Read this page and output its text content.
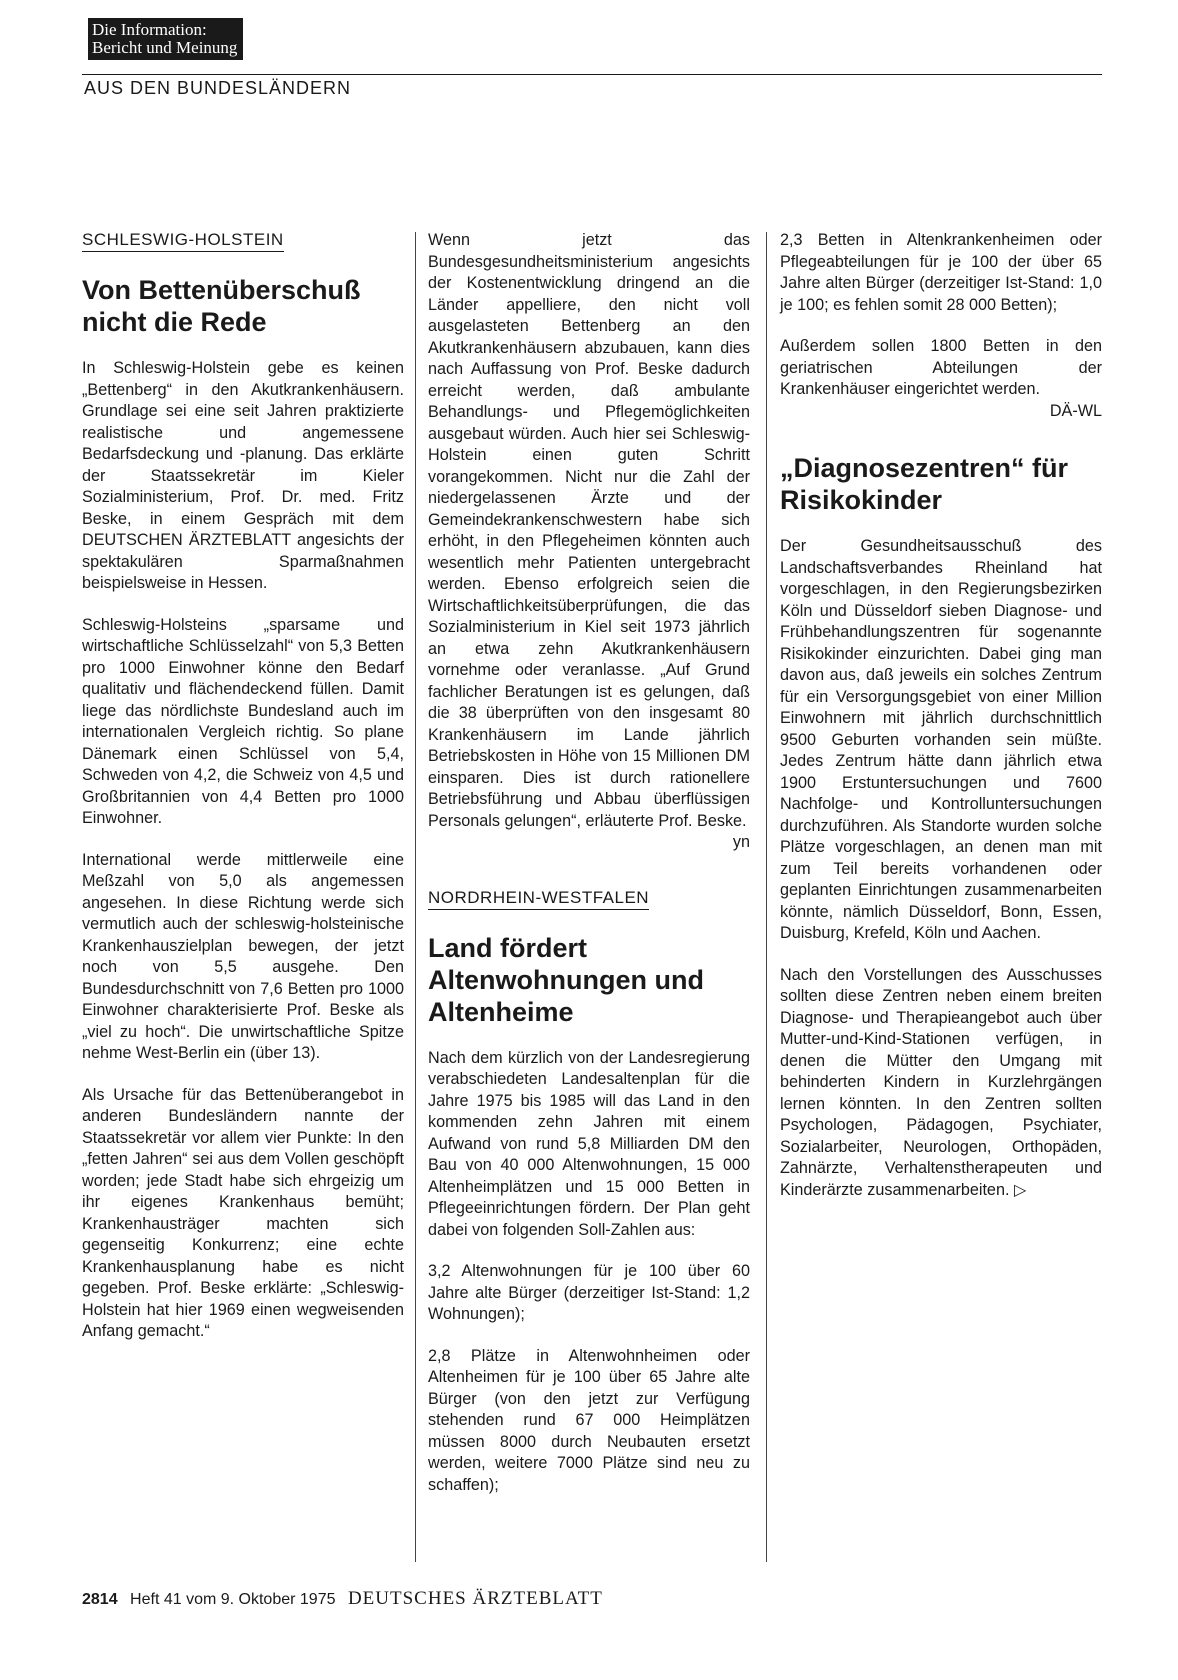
Die Information:
Bericht und Meinung
AUS DEN BUNDESLÄNDERN
SCHLESWIG-HOLSTEIN
Von Bettenüberschuß nicht die Rede

In Schleswig-Holstein gebe es keinen „Bettenberg“ in den Akutkrankenhäusern. Grundlage sei eine seit Jahren praktizierte realistische und angemessene Bedarfsdeckung und -planung. Das erklärte der Staatssekretär im Kieler Sozialministerium, Prof. Dr. med. Fritz Beske, in einem Gespräch mit dem DEUTSCHEN ÄRZTEBLATT angesichts der spektakulären Sparmaßnahmen beispielsweise in Hessen.

Schleswig-Holsteins „sparsame und wirtschaftliche Schlüsselzahl“ von 5,3 Betten pro 1000 Einwohner könne den Bedarf qualitativ und flächendeckend füllen. Damit liege das nördlichste Bundesland auch im internationalen Vergleich richtig. So plane Dänemark einen Schlüssel von 5,4, Schweden von 4,2, die Schweiz von 4,5 und Großbritannien von 4,4 Betten pro 1000 Einwohner.

International werde mittlerweile eine Meßzahl von 5,0 als angemessen angesehen. In diese Richtung werde sich vermutlich auch der schleswig-holsteinische Krankenhauszielplan bewegen, der jetzt noch von 5,5 ausgehe. Den Bundesdurchschnitt von 7,6 Betten pro 1000 Einwohner charakterisierte Prof. Beske als „viel zu hoch“. Die unwirtschaftliche Spitze nehme West-Berlin ein (über 13).

Als Ursache für das Bettenüberangebot in anderen Bundesländern nannte der Staatssekretär vor allem vier Punkte: In den „fetten Jahren“ sei aus dem Vollen geschöpft worden; jede Stadt habe sich ehrgeizig um ihr eigenes Krankenhaus bemüht; Krankenhausträger machten sich gegenseitig Konkurrenz; eine echte Krankenhausplanung habe es nicht gegeben. Prof. Beske erklärte: „Schleswig-Holstein hat hier 1969 einen wegweisenden Anfang gemacht.“

Wenn jetzt das Bundesgesundheitsministerium angesichts der Kostenentwicklung dringend an die Länder appelliere, den nicht voll ausgelasteten Bettenberg an den Akutkrankenhäusern abzubauen, kann dies nach Auffassung von Prof. Beske dadurch erreicht werden, daß ambulante Behandlungs- und Pflegemöglichkeiten ausgebaut würden. Auch hier sei Schleswig-Holstein einen guten Schritt vorangekommen. Nicht nur die Zahl der niedergelassenen Ärzte und der Gemeindekrankenschwestern habe sich erhöht, in den Pflegeheimen könnten auch wesentlich mehr Patienten untergebracht werden. Ebenso erfolgreich seien die Wirtschaftlichkeitsüberprüfungen, die das Sozialministerium in Kiel seit 1973 jährlich an etwa zehn Akutkrankenhäusern vornehme oder veranlasse. „Auf Grund fachlicher Beratungen ist es gelungen, daß die 38 überprüften von den insgesamt 80 Krankenhäusern im Lande jährlich Betriebskosten in Höhe von 15 Millionen DM einsparen. Dies ist durch rationellere Betriebsführung und Abbau überflüssigen Personals gelungen“, erläuterte Prof. Beske.

yn

NORDRHEIN-WESTFALEN
Land fördert Altenwohnungen und Altenheime

Nach dem kürzlich von der Landesregierung verabschiedeten Landesaltenplan für die Jahre 1975 bis 1985 will das Land in den kommenden zehn Jahren mit einem Aufwand von rund 5,8 Milliarden DM den Bau von 40 000 Altenwohnungen, 15 000 Altenheimplätzen und 15 000 Betten in Pflegeeinrichtungen fördern. Der Plan geht dabei von folgenden Soll-Zahlen aus:

3,2 Altenwohnungen für je 100 über 60 Jahre alte Bürger (derzeitiger Ist-Stand: 1,2 Wohnungen);

2,8 Plätze in Altenwohnheimen oder Altenheimen für je 100 über 65 Jahre alte Bürger (von den jetzt zur Verfügung stehenden rund 67 000 Heimplätzen müssen 8000 durch Neubauten ersetzt werden, weitere 7000 Plätze sind neu zu schaffen);

2,3 Betten in Altenkrankenheimen oder Pflegeabteilungen für je 100 der über 65 Jahre alten Bürger (derzeitiger Ist-Stand: 1,0 je 100; es fehlen somit 28 000 Betten);

Außerdem sollen 1800 Betten in den geriatrischen Abteilungen der Krankenhäuser eingerichtet werden.

DÄ-WL

„Diagnosezentren“ für Risikokinder

Der Gesundheitsausschuß des Landschaftsverbandes Rheinland hat vorgeschlagen, in den Regierungsbezirken Köln und Düsseldorf sieben Diagnose- und Frühbehandlungszentren für sogenannte Risikokinder einzurichten. Dabei ging man davon aus, daß jeweils ein solches Zentrum für ein Versorgungsgebiet von einer Million Einwohnern mit jährlich durchschnittlich 9500 Geburten vorhanden sein müßte. Jedes Zentrum hätte dann jährlich etwa 1900 Erstuntersuchungen und 7600 Nachfolge- und Kontrolluntersuchungen durchzuführen. Als Standorte wurden solche Plätze vorgeschlagen, an denen man mit zum Teil bereits vorhandenen oder geplanten Einrichtungen zusammenarbeiten könnte, nämlich Düsseldorf, Bonn, Essen, Duisburg, Krefeld, Köln und Aachen.

Nach den Vorstellungen des Ausschusses sollten diese Zentren neben einem breiten Diagnose- und Therapieangebot auch über Mutter-und-Kind-Stationen verfügen, in denen die Mütter den Umgang mit behinderten Kindern in Kurzlehrgängen lernen könnten. In den Zentren sollten Psychologen, Pädagogen, Psychiater, Sozialarbeiter, Neurologen, Orthopäden, Zahnärzte, Verhaltenstherapeuten und Kinderärzte zusammenarbeiten. ▷

2814 Heft 41 vom 9. Oktober 1975 DEUTSCHES ÄRZTEBLATT
